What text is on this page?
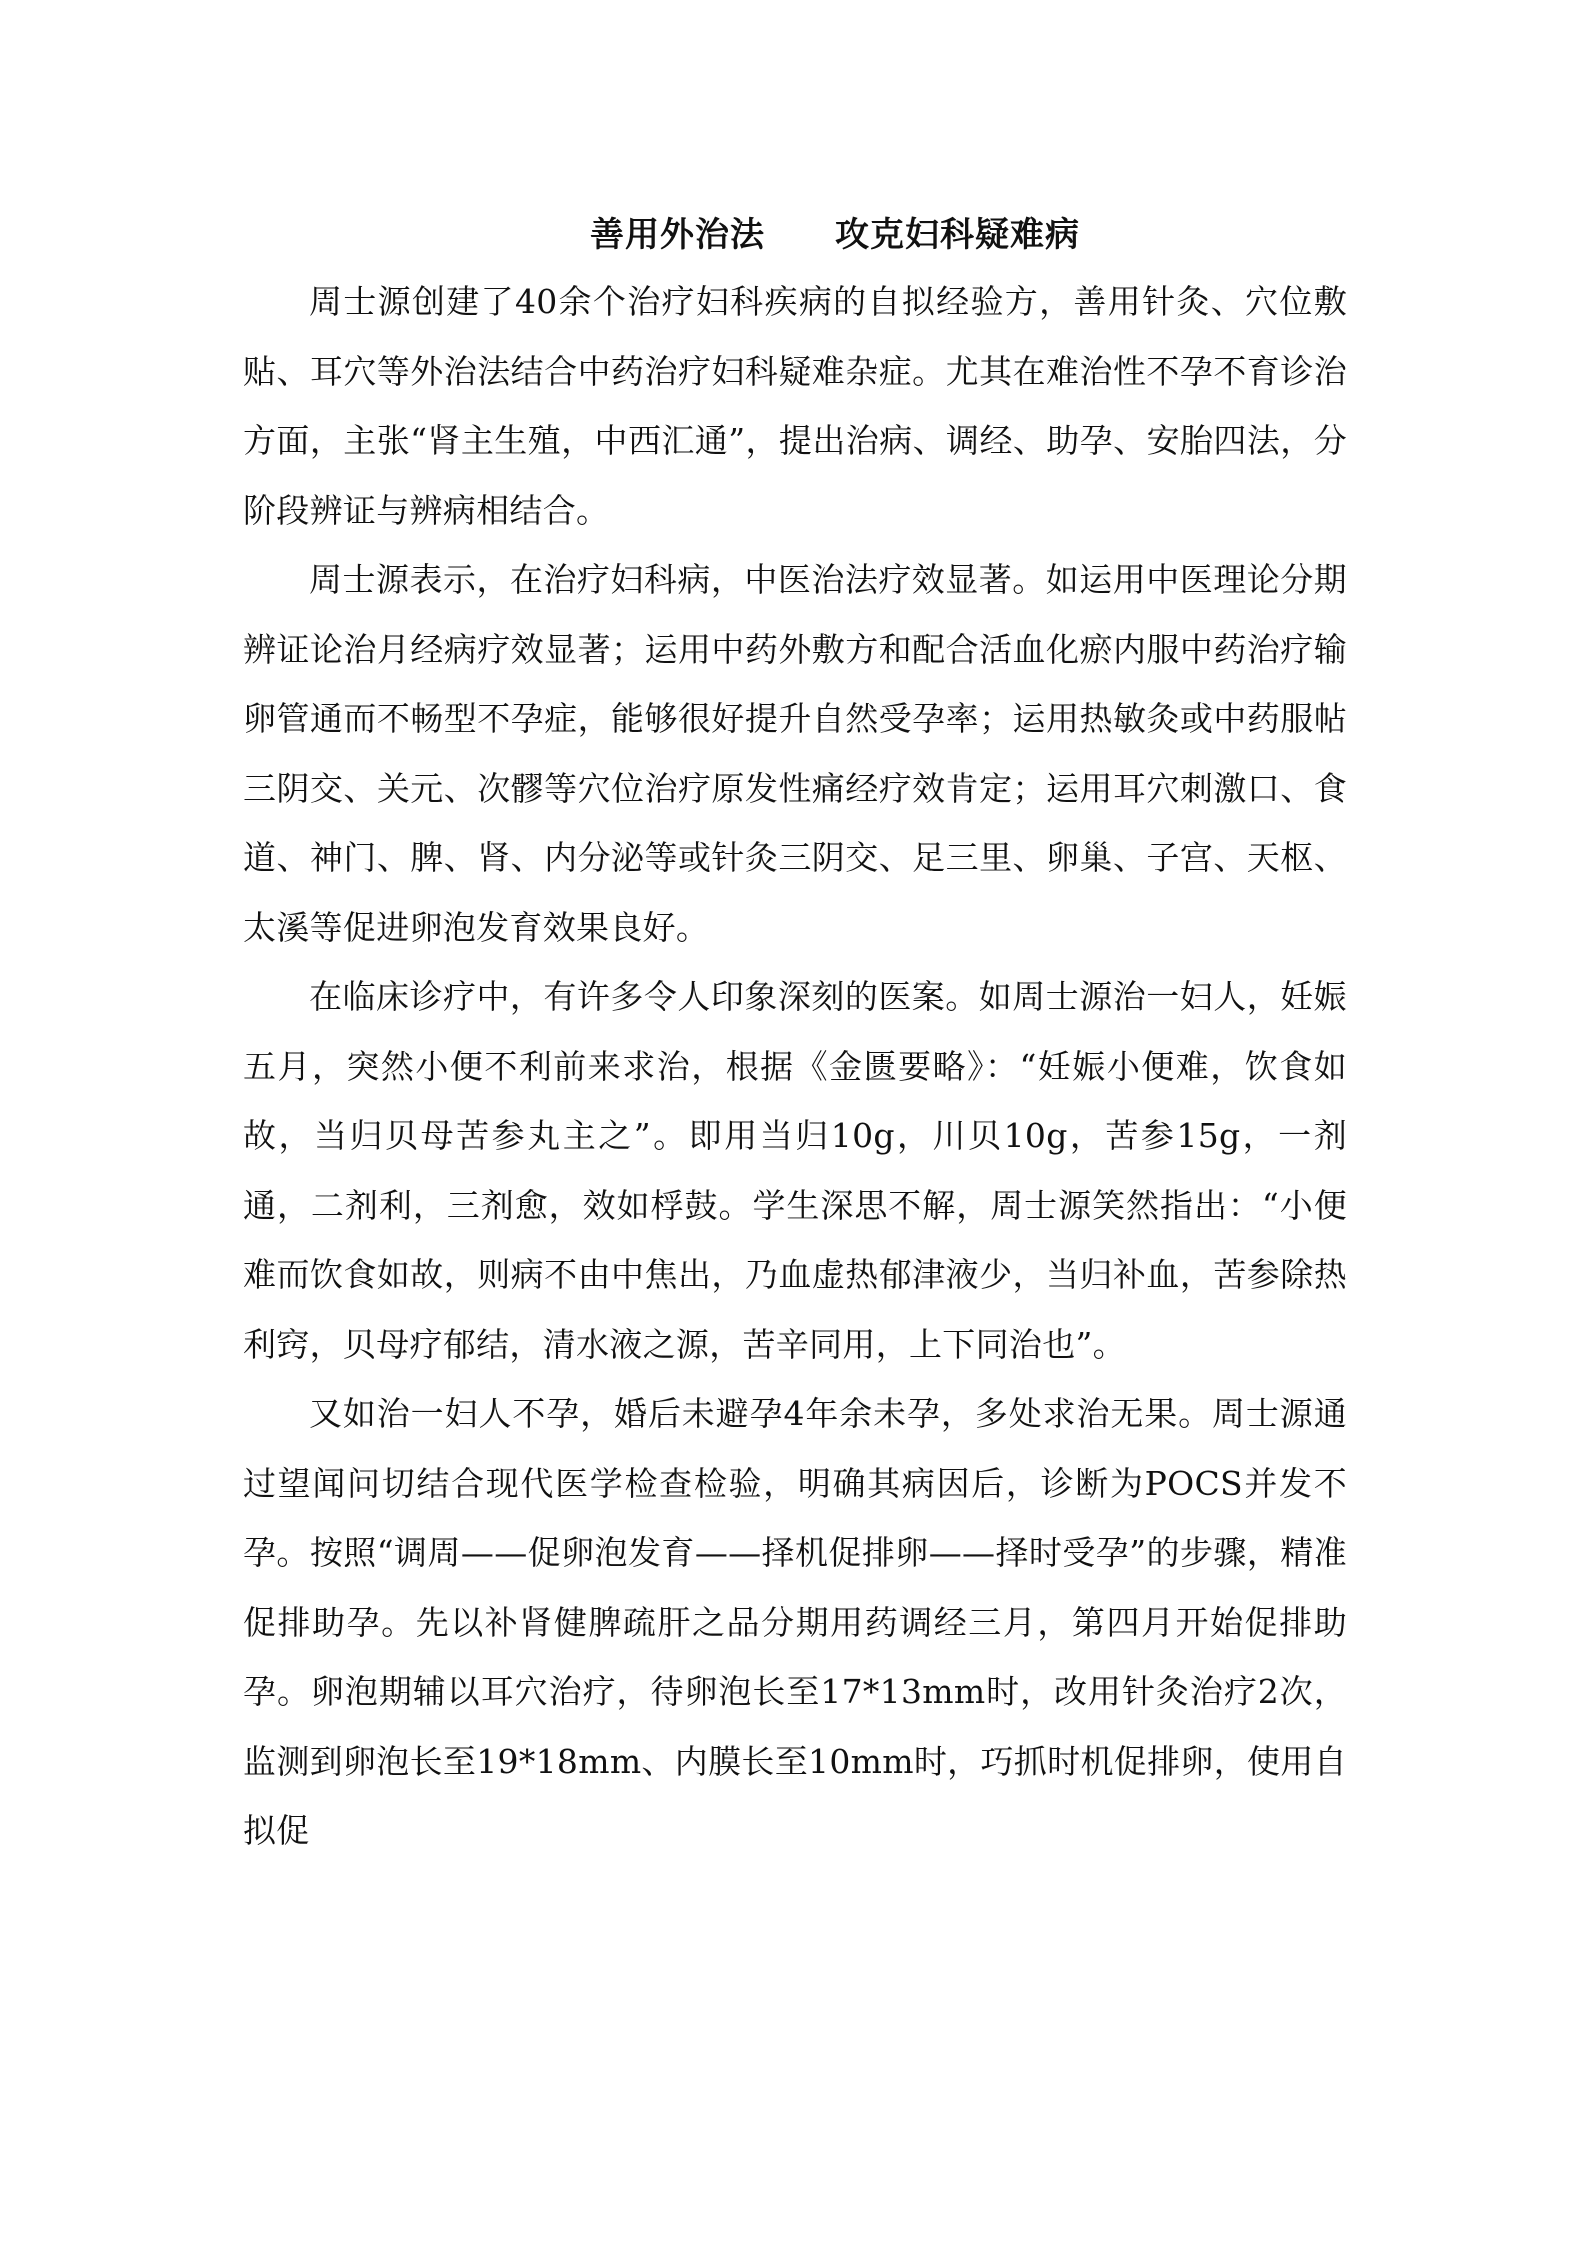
善用外治法　　攻克妇科疑难病

周士源创建了40余个治疗妇科疾病的自拟经验方，善用针灸、穴位敷贴、耳穴等外治法结合中药治疗妇科疑难杂症。尤其在难治性不孕不育诊治方面，主张“肾主生殖，中西汇通”，提出治病、调经、助孕、安胎四法，分阶段辨证与辨病相结合。

周士源表示，在治疗妇科病，中医治法疗效显著。如运用中医理论分期辨证论治月经病疗效显著；运用中药外敷方和配合活血化瘀内服中药治疗输卵管通而不畅型不孕症，能够很好提升自然受孕率；运用热敏灸或中药服帖三阴交、关元、次髎等穴位治疗原发性痛经疗效肯定；运用耳穴刺激口、食道、神门、脾、肾、内分泌等或针灸三阴交、足三里、卵巢、子宫、天枢、太溪等促进卵泡发育效果良好。

在临床诊疗中，有许多令人印象深刻的医案。如周士源治一妇人，妊娠五月，突然小便不利前来求治，根据《金匮要略》：“妊娠小便难，饮食如故，当归贝母苦参丸主之”。即用当归10g，川贝10g，苦参15g，一剂通，二剂利，三剂愈，效如桴鼓。学生深思不解，周士源笑然指出：“小便难而饮食如故，则病不由中焦出，乃血虚热郁津液少，当归补血，苦参除热利窍，贝母疗郁结，清水液之源，苦辛同用，上下同治也”。

又如治一妇人不孕，婚后未避孕4年余未孕，多处求治无果。周士源通过望闻问切结合现代医学检查检验，明确其病因后，诊断为POCS并发不孕。按照“调周——促卵泡发育——择机促排卵——择时受孕”的步骤，精准促排助孕。先以补肾健脾疏肝之品分期用药调经三月，第四月开始促排助孕。卵泡期辅以耳穴治疗，待卵泡长至17*13mm时，改用针灸治疗2次，监测到卵泡长至19*18mm、内膜长至10mm时，巧抓时机促排卵，使用自拟促
